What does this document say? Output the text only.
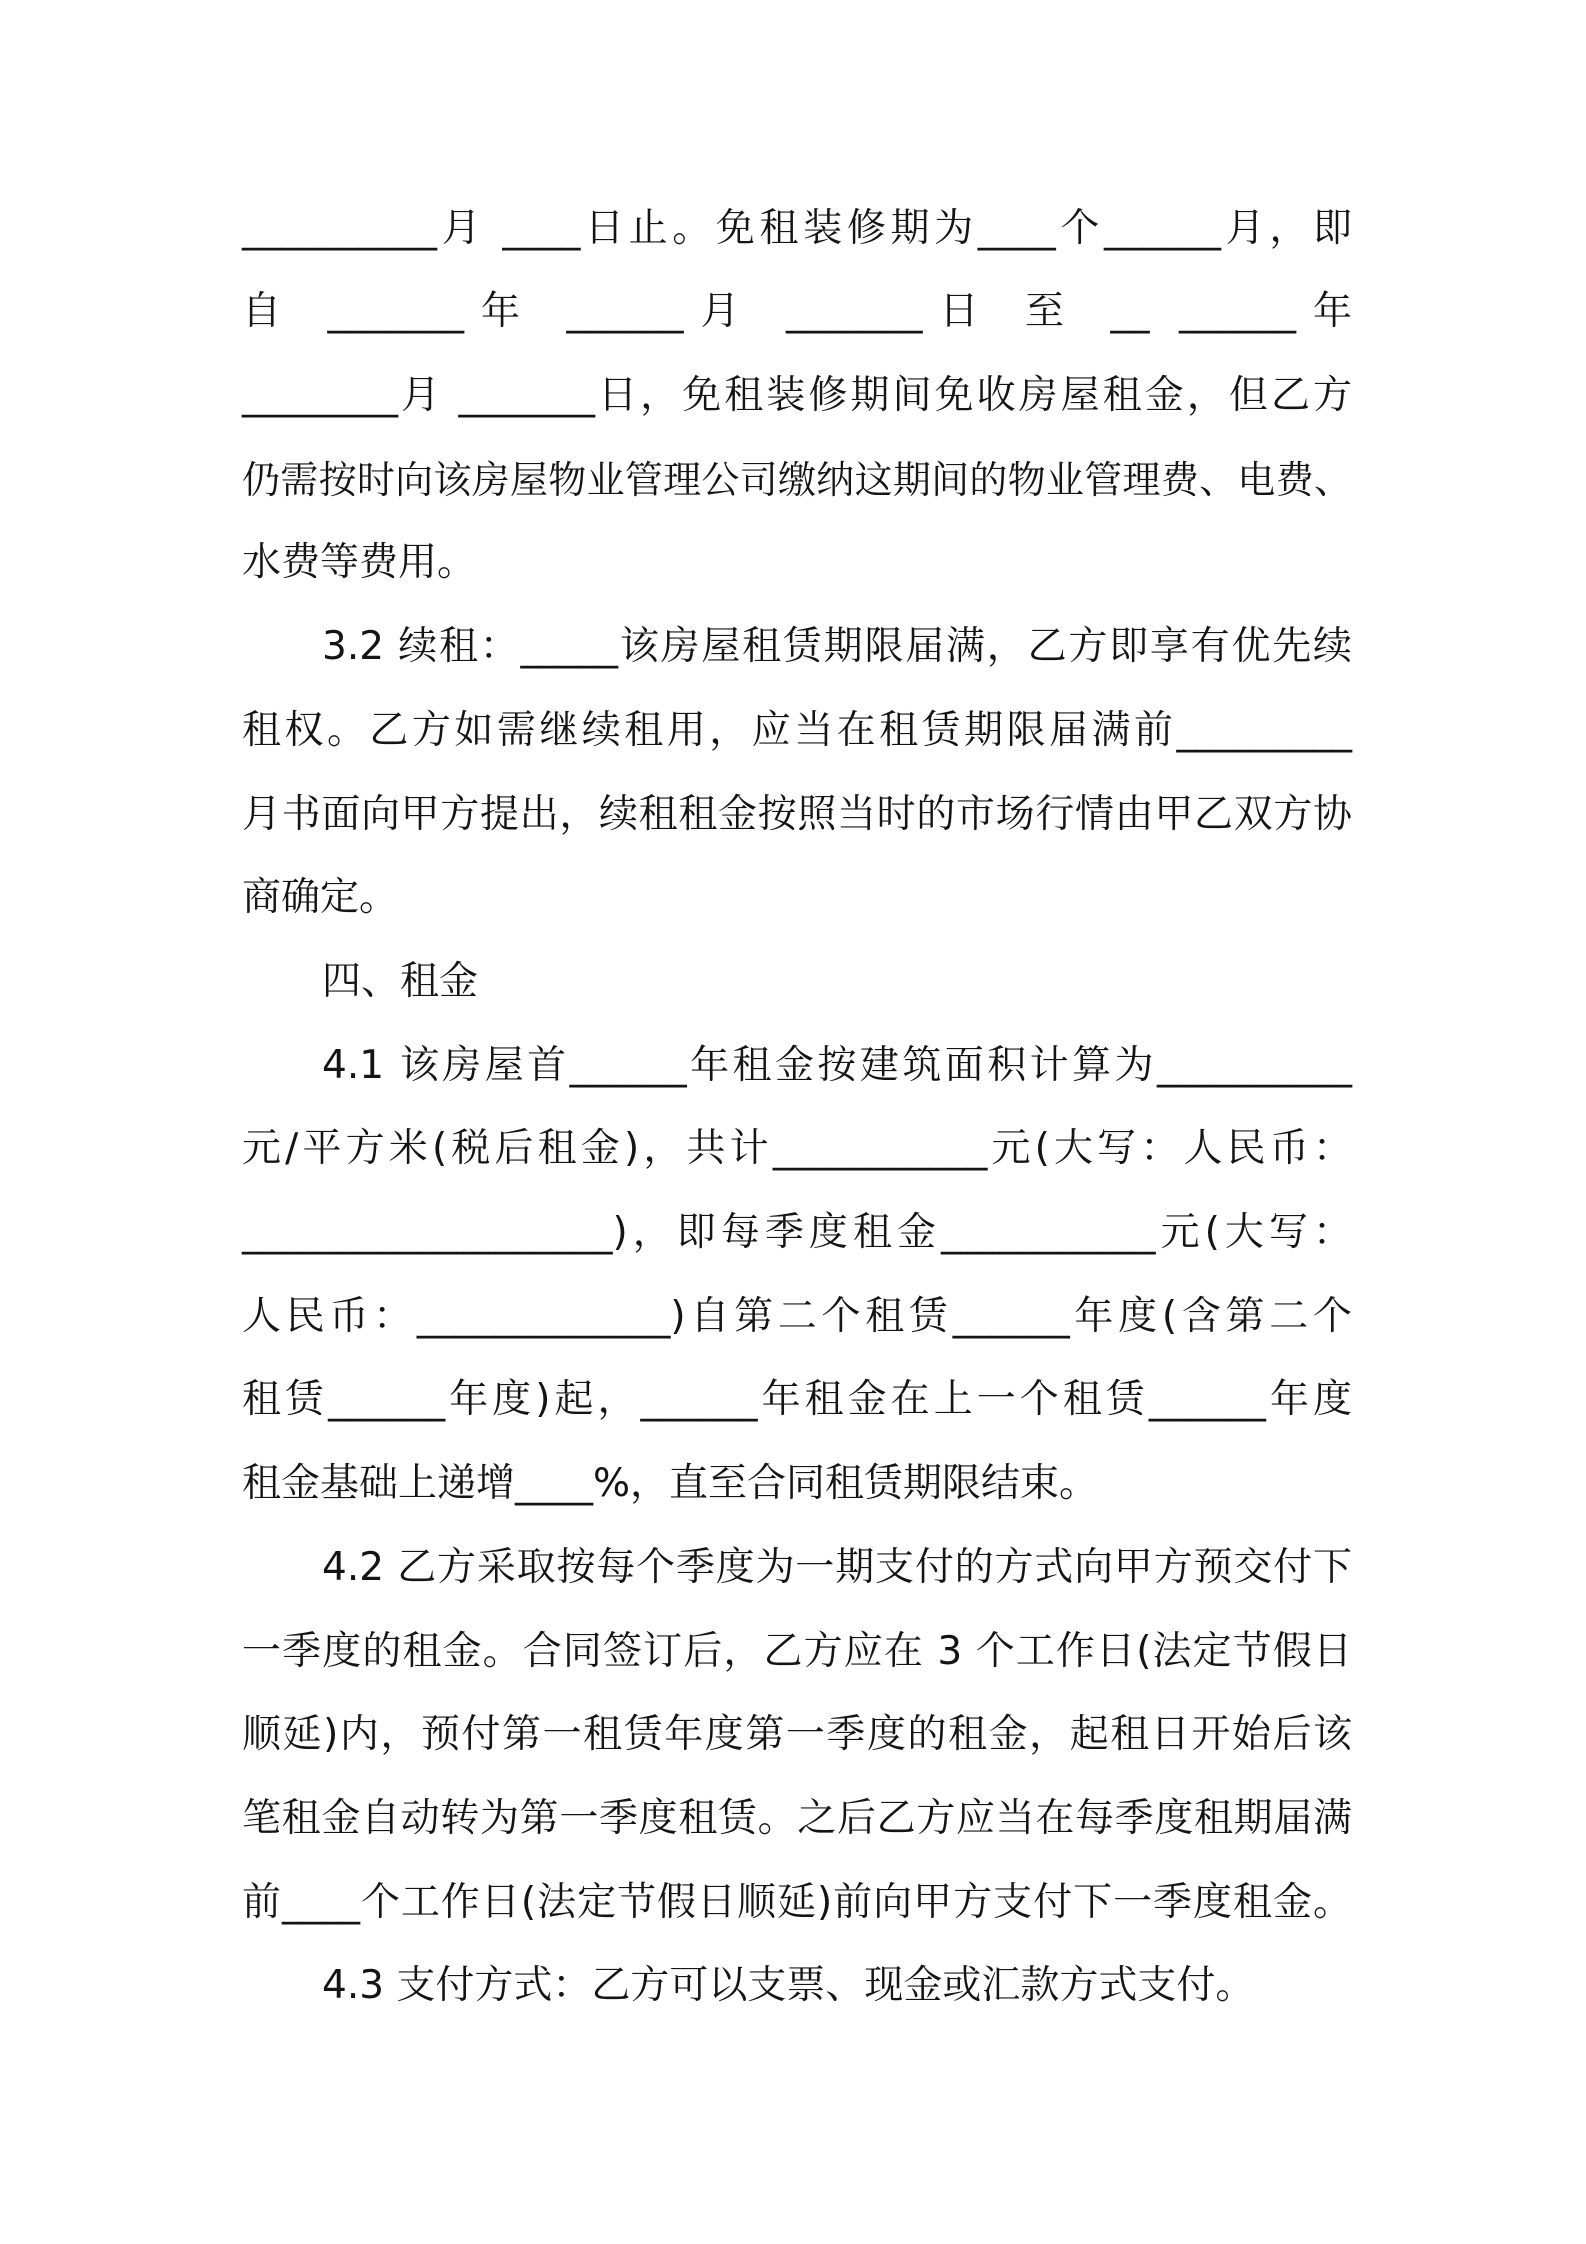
__________月 ____日止。免租装修期为____个______月，即
自 _______年 ______月 _______日 至 __ ______年
________月 _______日，免租装修期间免收房屋租金，但乙方
仍需按时向该房屋物业管理公司缴纳这期间的物业管理费、电费、
水费等费用。
3.2 续租：_____该房屋租赁期限届满，乙方即享有优先续
租权。乙方如需继续租用，应当在租赁期限届满前_________
月书面向甲方提出，续租租金按照当时的市场行情由甲乙双方协
商确定。
四、租金
4.1 该房屋首______年租金按建筑面积计算为__________
元/平方米(税后租金)，共计___________元(大写：人民币：
___________________)，即每季度租金___________元(大写：
人民币：_____________)自第二个租赁______年度(含第二个
租赁______年度)起，______年租金在上一个租赁______年度
租金基础上递增____%，直至合同租赁期限结束。
4.2 乙方采取按每个季度为一期支付的方式向甲方预交付下
一季度的租金。合同签订后，乙方应在 3 个工作日(法定节假日
顺延)内，预付第一租赁年度第一季度的租金，起租日开始后该
笔租金自动转为第一季度租赁。之后乙方应当在每季度租期届满
前____个工作日(法定节假日顺延)前向甲方支付下一季度租金。
4.3 支付方式：乙方可以支票、现金或汇款方式支付。
